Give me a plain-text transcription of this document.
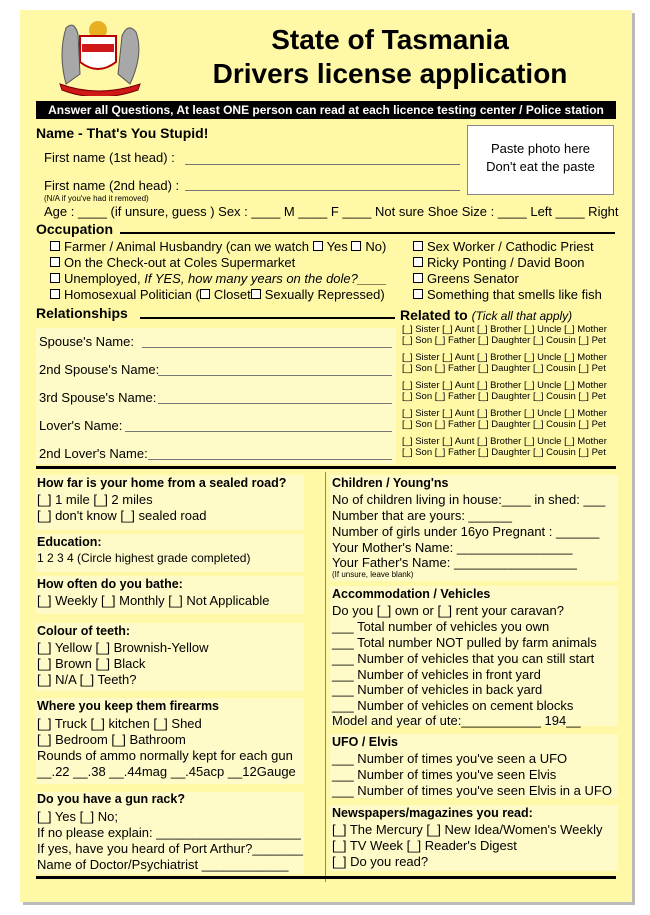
State of Tasmania
Drivers license application
Answer all Questions, At least ONE person can read at each licence testing center / Police station
Name - That's You Stupid!
First name (1st head) :
First name (2nd head) :
(N/A if you've had it removed)
Age : ____ (if unsure, guess ) Sex : ____ M ____ F ____ Not sure Shoe Size : ____ Left ____ Right
Paste photo here
Don't eat the paste
Occupation
Farmer / Animal Husbandry (can we watch Yes No)
On the Check-out at Coles Supermarket
Unemployed, If YES, how many years on the dole?____
Homosexual Politician ( Closet Sexually Repressed)
Sex Worker / Cathodic Priest
Ricky Ponting / David Boon
Greens Senator
Something that smells like fish
Relationships	Related to (Tick all that apply)
Spouse's Name:
2nd Spouse's Name:
3rd Spouse's Name:
Lover's Name:
2nd Lover's Name:
[_] Sister [_] Aunt [_] Brother [_] Uncle [_] Mother
[_] Son [_] Father [_] Daughter [_] Cousin [_] Pet
[_] Sister [_] Aunt [_] Brother [_] Uncle [_] Mother
[_] Son [_] Father [_] Daughter [_] Cousin [_] Pet
[_] Sister [_] Aunt [_] Brother [_] Uncle [_] Mother
[_] Son [_] Father [_] Daughter [_] Cousin [_] Pet
[_] Sister [_] Aunt [_] Brother [_] Uncle [_] Mother
[_] Son [_] Father [_] Daughter [_] Cousin [_] Pet
[_] Sister [_] Aunt [_] Brother [_] Uncle [_] Mother
[_] Son [_] Father [_] Daughter [_] Cousin [_] Pet
How far is your home from a sealed road?
[_] 1 mile [_] 2 miles
[_] don't know [_] sealed road
Education:
1 2 3 4 (Circle highest grade completed)
How often do you bathe:
[_] Weekly [_] Monthly [_] Not Applicable
Colour of teeth:
[_] Yellow [_] Brownish-Yellow
[_] Brown [_] Black
[_] N/A [_] Teeth?
Where you keep them firearms
[_] Truck [_] kitchen [_] Shed
[_] Bedroom [_] Bathroom
Rounds of ammo normally kept for each gun
__.22 __.38 __.44mag __.45acp __12Gauge
Do you have a gun rack?
[_] Yes [_] No;
If no please explain: ____________________
If yes, have you heard of Port Arthur?_______
Name of Doctor/Psychiatrist ____________
Children / Young'ns
No of children living in house:____ in shed: ___
Number that are yours: ______
Number of girls under 16yo Pregnant : ______
Your Mother's Name: ________________
Your Father's Name: _________________
(If unsure, leave blank)
Accommodation / Vehicles
Do you [_] own or [_] rent your caravan?
___ Total number of vehicles you own
___ Total number NOT pulled by farm animals
___ Number of vehicles that you can still start
___ Number of vehicles in front yard
___ Number of vehicles in back yard
___ Number of vehicles on cement blocks
Model and year of ute:___________ 194__
UFO / Elvis
___ Number of times you've seen a UFO
___ Number of times you've seen Elvis
___ Number of times you've seen Elvis in a UFO
Newspapers/magazines you read:
[_] The Mercury [_] New Idea/Women's Weekly
[_] TV Week [_] Reader's Digest
[_] Do you read?
